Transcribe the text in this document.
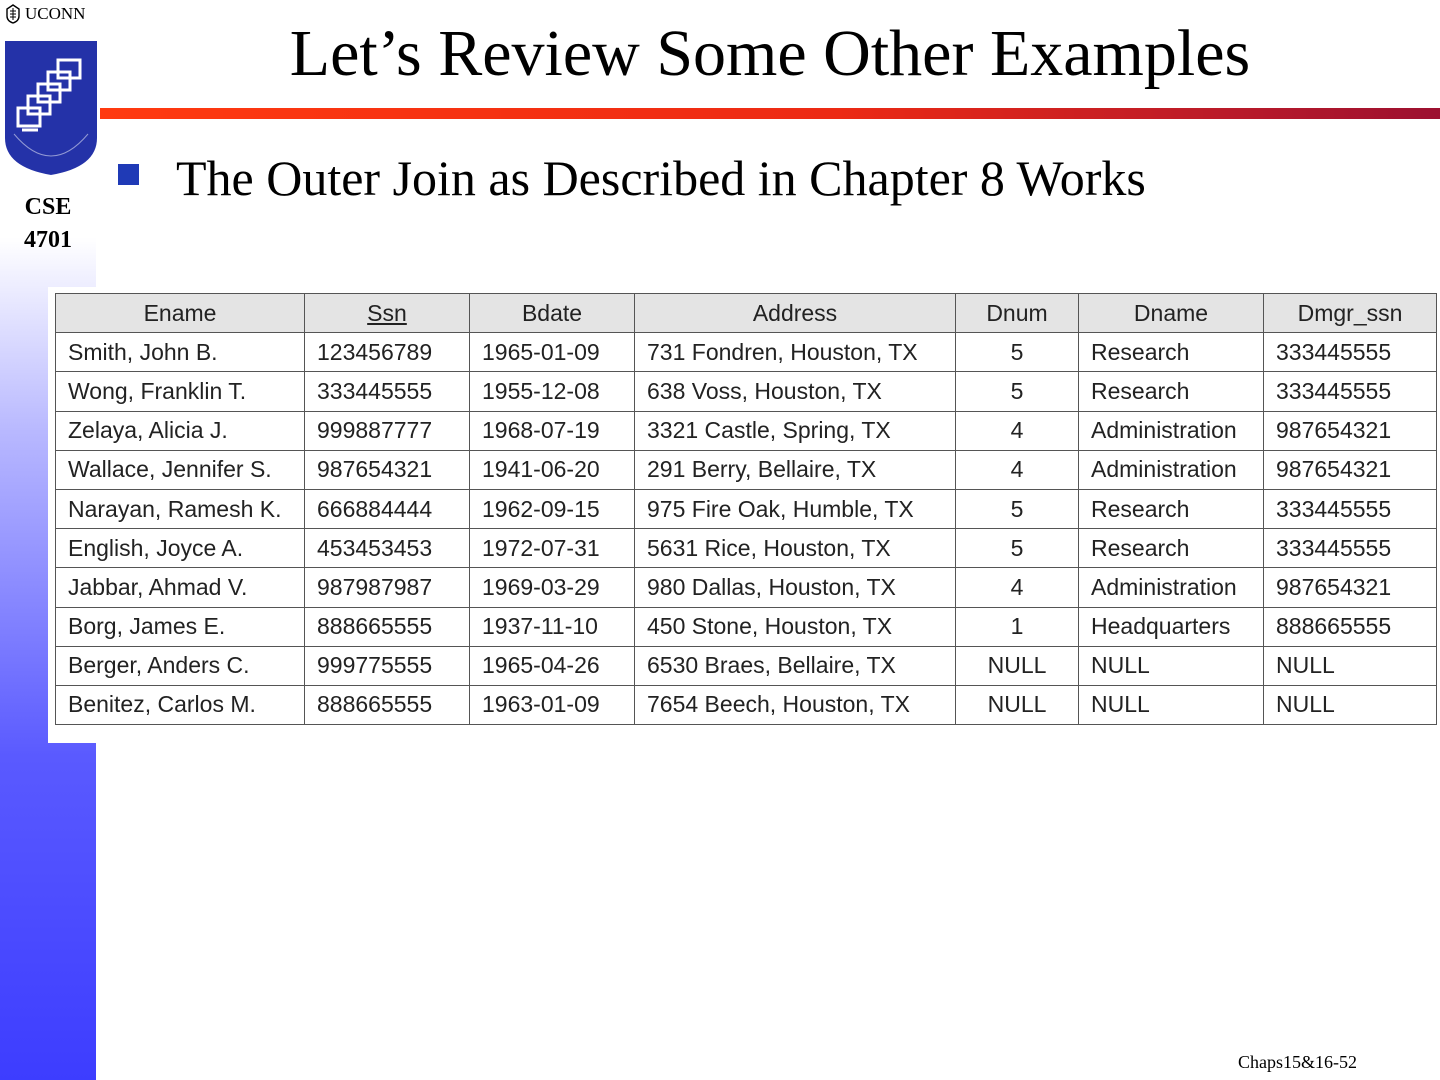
UCONN
CSE
4701
Let’s Review Some Other Examples
The Outer Join as Described in Chapter 8 Works
Ename	Ssn	Bdate	Address	Dnum	Dname	Dmgr_ssn
Smith, John B.	123456789	1965-01-09	731 Fondren, Houston, TX	5	Research	333445555
Wong, Franklin T.	333445555	1955-12-08	638 Voss, Houston, TX	5	Research	333445555
Zelaya, Alicia J.	999887777	1968-07-19	3321 Castle, Spring, TX	4	Administration	987654321
Wallace, Jennifer S.	987654321	1941-06-20	291 Berry, Bellaire, TX	4	Administration	987654321
Narayan, Ramesh K.	666884444	1962-09-15	975 Fire Oak, Humble, TX	5	Research	333445555
English, Joyce A.	453453453	1972-07-31	5631 Rice, Houston, TX	5	Research	333445555
Jabbar, Ahmad V.	987987987	1969-03-29	980 Dallas, Houston, TX	4	Administration	987654321
Borg, James E.	888665555	1937-11-10	450 Stone, Houston, TX	1	Headquarters	888665555
Berger, Anders C.	999775555	1965-04-26	6530 Braes, Bellaire, TX	NULL	NULL	NULL
Benitez, Carlos M.	888665555	1963-01-09	7654 Beech, Houston, TX	NULL	NULL	NULL
Chaps15&16-52
